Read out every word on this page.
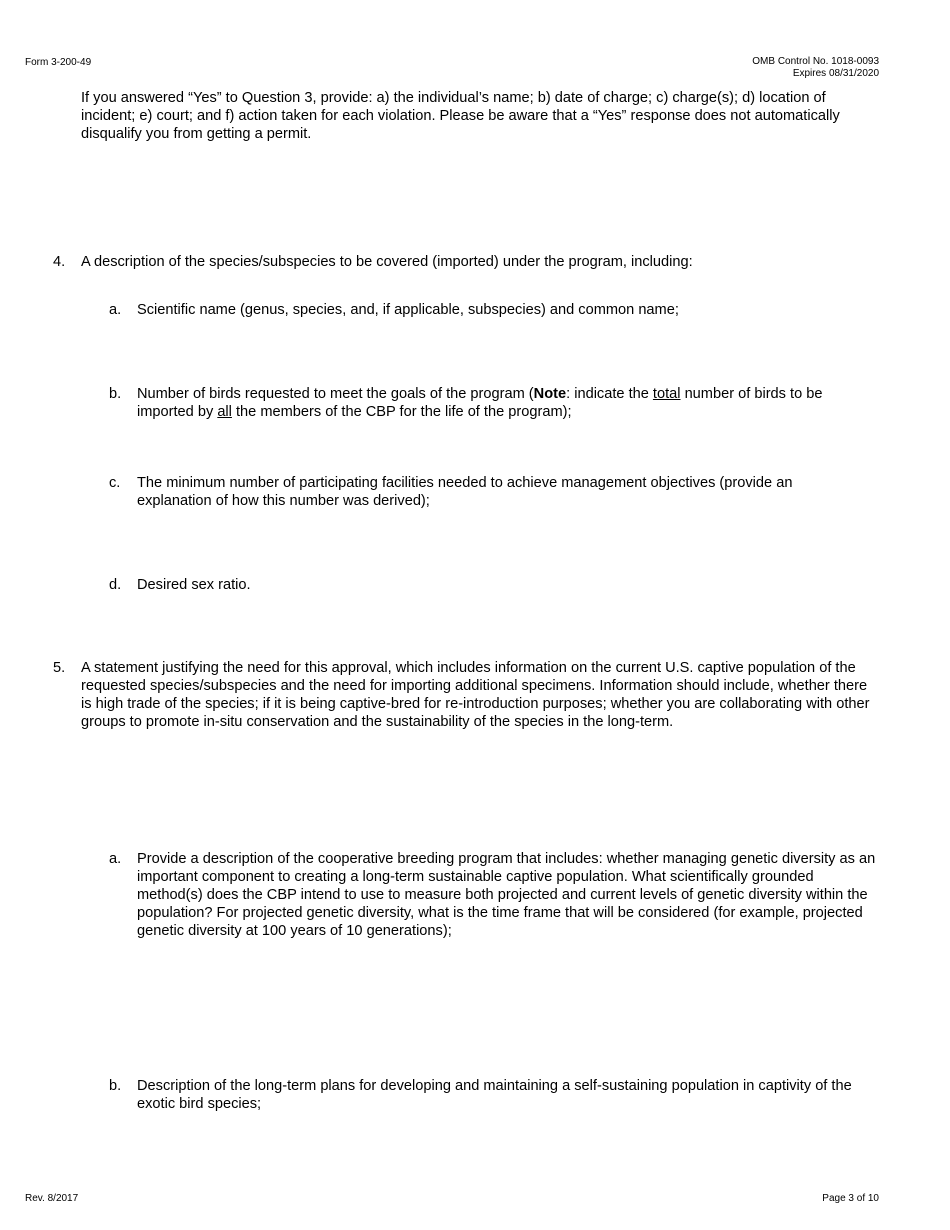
Form 3-200-49	OMB Control No. 1018-0093
Expires 08/31/2020
If you answered “Yes” to Question 3, provide: a) the individual’s name; b) date of charge; c) charge(s); d) location of incident; e) court; and f) action taken for each violation. Please be aware that a “Yes” response does not automatically disqualify you from getting a permit.
4. A description of the species/subspecies to be covered (imported) under the program, including:
a. Scientific name (genus, species, and, if applicable, subspecies) and common name;
b. Number of birds requested to meet the goals of the program (Note: indicate the total number of birds to be imported by all the members of the CBP for the life of the program);
c. The minimum number of participating facilities needed to achieve management objectives (provide an explanation of how this number was derived);
d. Desired sex ratio.
5. A statement justifying the need for this approval, which includes information on the current U.S. captive population of the requested species/subspecies and the need for importing additional specimens. Information should include, whether there is high trade of the species; if it is being captive-bred for re-introduction purposes; whether you are collaborating with other groups to promote in-situ conservation and the sustainability of the species in the long-term.
a. Provide a description of the cooperative breeding program that includes: whether managing genetic diversity as an important component to creating a long-term sustainable captive population. What scientifically grounded method(s) does the CBP intend to use to measure both projected and current levels of genetic diversity within the population? For projected genetic diversity, what is the time frame that will be considered (for example, projected genetic diversity at 100 years of 10 generations);
b. Description of the long-term plans for developing and maintaining a self-sustaining population in captivity of the exotic bird species;
Rev. 8/2017	Page 3 of 10
